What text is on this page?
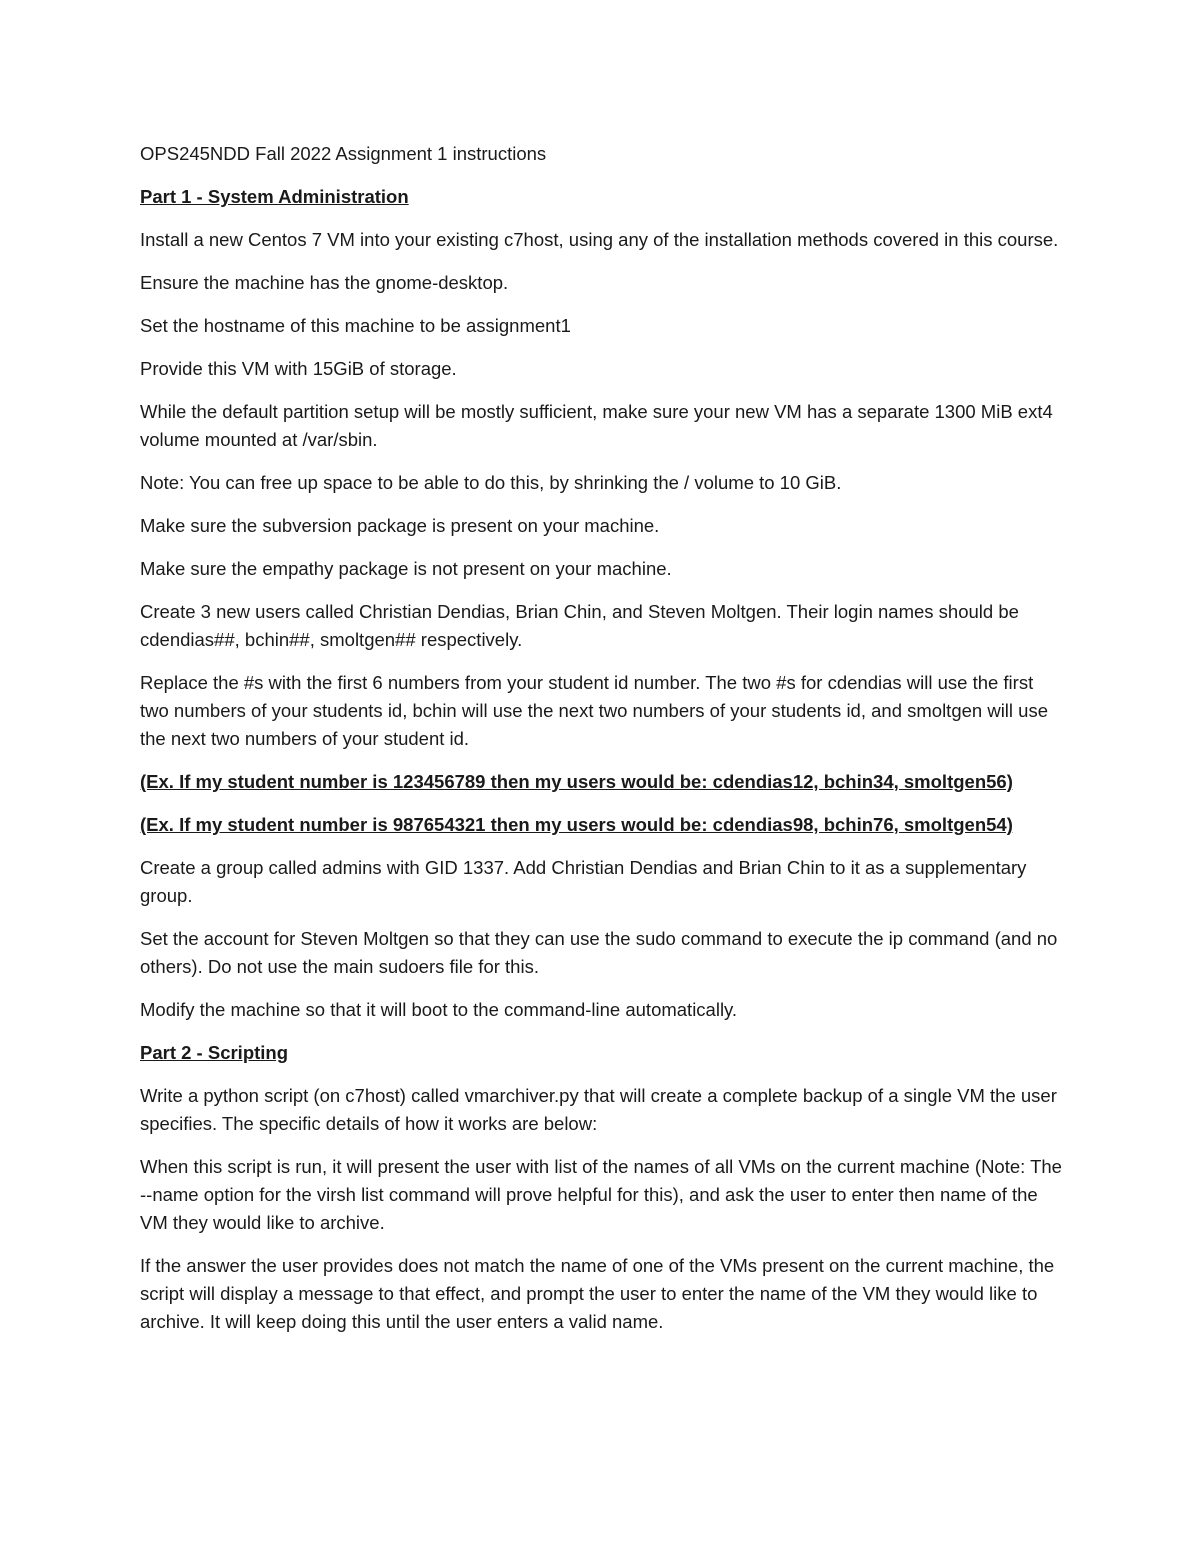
OPS245NDD Fall 2022 Assignment 1 instructions

Part 1 - System Administration

Install a new Centos 7 VM into your existing c7host, using any of the installation methods covered in this course.

Ensure the machine has the gnome-desktop.

Set the hostname of this machine to be assignment1

Provide this VM with 15GiB of storage.

While the default partition setup will be mostly sufficient, make sure your new VM has a separate 1300 MiB ext4 volume mounted at /var/sbin.

Note: You can free up space to be able to do this, by shrinking the / volume to 10 GiB.

Make sure the subversion package is present on your machine.

Make sure the empathy package is not present on your machine.

Create 3 new users called Christian Dendias, Brian Chin, and Steven Moltgen. Their login names should be cdendias##, bchin##, smoltgen## respectively.

Replace the #s with the first 6 numbers from your student id number. The two #s for cdendias will use the first two numbers of your students id, bchin will use the next two numbers of your students id, and smoltgen will use the next two numbers of your student id.

(Ex. If my student number is 123456789 then my users would be: cdendias12, bchin34, smoltgen56)

(Ex. If my student number is 987654321 then my users would be: cdendias98, bchin76, smoltgen54)

Create a group called admins with GID 1337. Add Christian Dendias and Brian Chin to it as a supplementary group.

Set the account for Steven Moltgen so that they can use the sudo command to execute the ip command (and no others). Do not use the main sudoers file for this.

Modify the machine so that it will boot to the command-line automatically.

Part 2 - Scripting

Write a python script (on c7host) called vmarchiver.py that will create a complete backup of a single VM the user specifies. The specific details of how it works are below:

When this script is run, it will present the user with list of the names of all VMs on the current machine (Note: The --name option for the virsh list command will prove helpful for this), and ask the user to enter then name of the VM they would like to archive.

If the answer the user provides does not match the name of one of the VMs present on the current machine, the script will display a message to that effect, and prompt the user to enter the name of the VM they would like to archive. It will keep doing this until the user enters a valid name.
